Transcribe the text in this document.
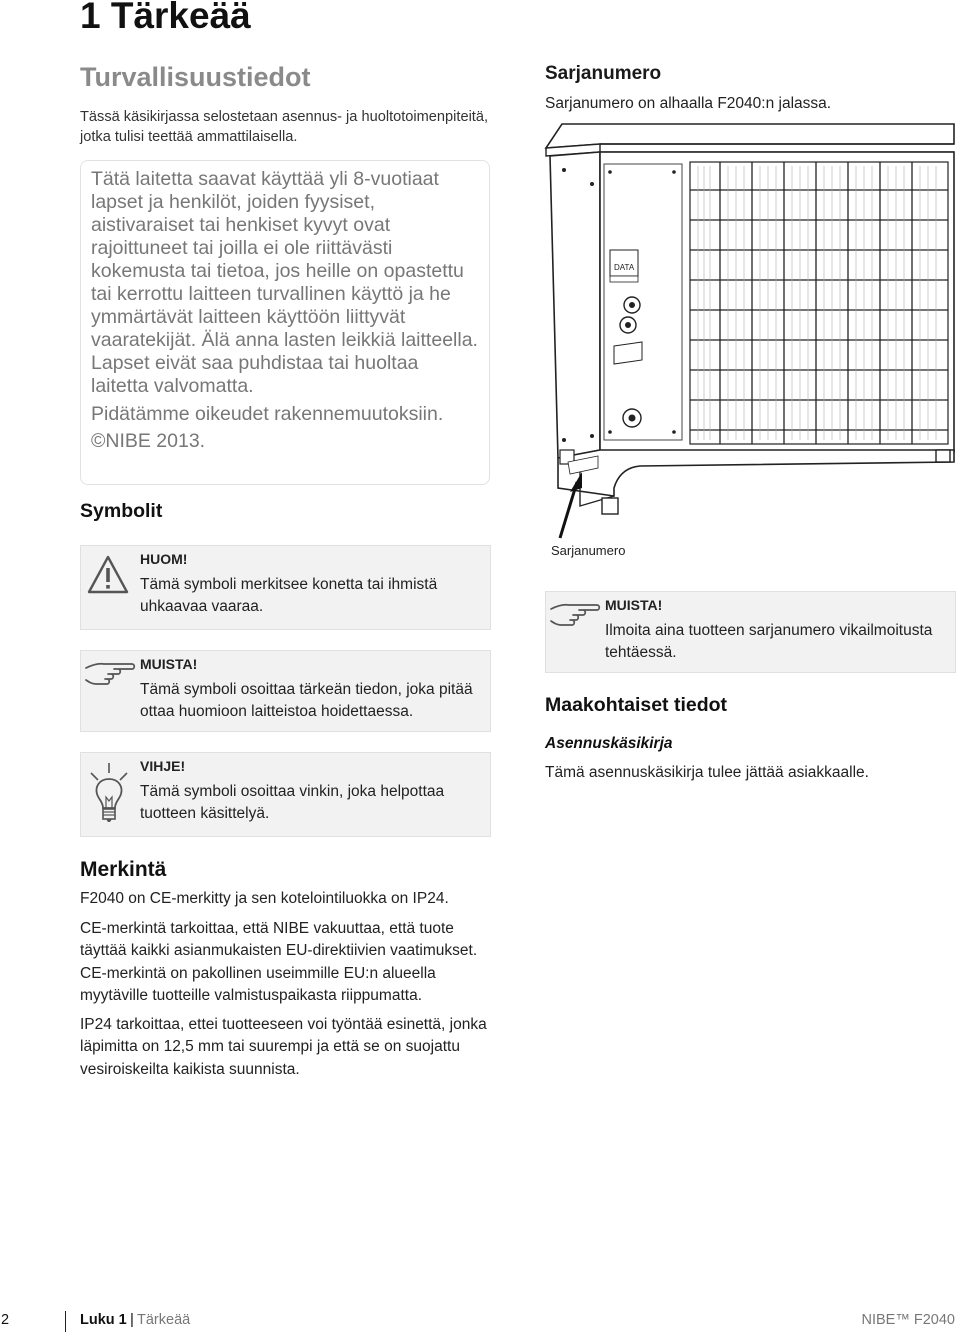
1 Tärkeää
Turvallisuustiedot

Tässä käsikirjassa selostetaan asennus- ja huoltotoimenpiteitä, jotka tulisi teettää ammattilaisella.

Tätä laitetta saavat käyttää yli 8-vuotiaat lapset ja henkilöt, joiden fyysiset, aistivaraiset tai henkiset kyvyt ovat rajoittuneet tai joilla ei ole riittävästi kokemusta tai tietoa, jos heille on opastettu tai kerrottu laitteen turvallinen käyttö ja he ymmärtävät laitteen käyttöön liittyvät vaaratekijät. Älä anna lasten leikkiä laitteella. Lapset eivät saa puhdistaa tai huoltaa laitetta valvomatta.

Pidätämme oikeudet rakennemuutoksiin.

©NIBE 2013.

Symbolit
HUOM!

Tämä symboli merkitsee konetta tai ihmistä uhkaavaa vaaraa.

MUISTA!

Tämä symboli osoittaa tärkeän tiedon, joka pitää ottaa huomioon laitteistoa hoidettaessa.

VIHJE!

Tämä symboli osoittaa vinkin, joka helpottaa tuotteen käsittelyä.

Merkintä

F2040 on CE-merkitty ja sen kotelointiluokka on IP24.

CE-merkintä tarkoittaa, että NIBE vakuuttaa, että tuote täyttää kaikki asianmukaisten EU-direktiivien vaatimukset. CE-merkintä on pakollinen useimmille EU:n alueella myytäville tuotteille valmistuspaikasta riippumatta.

IP24 tarkoittaa, ettei tuotteeseen voi työntää esinettä, jonka läpimitta on 12,5 mm tai suurempi ja että se on suojattu vesiroiskeilta kaikista suunnista.

Sarjanumero

Sarjanumero on alhaalla F2040:n jalassa.

DATA
Sarjanumero
MUISTA!

Ilmoita aina tuotteen sarjanumero vikailmoitusta tehtäessä.

Maakohtaiset tiedot
Asennuskäsikirja

Tämä asennuskäsikirja tulee jättää asiakkaalle.

2	Luku 1 | Tärkeää	NIBE™ F2040
